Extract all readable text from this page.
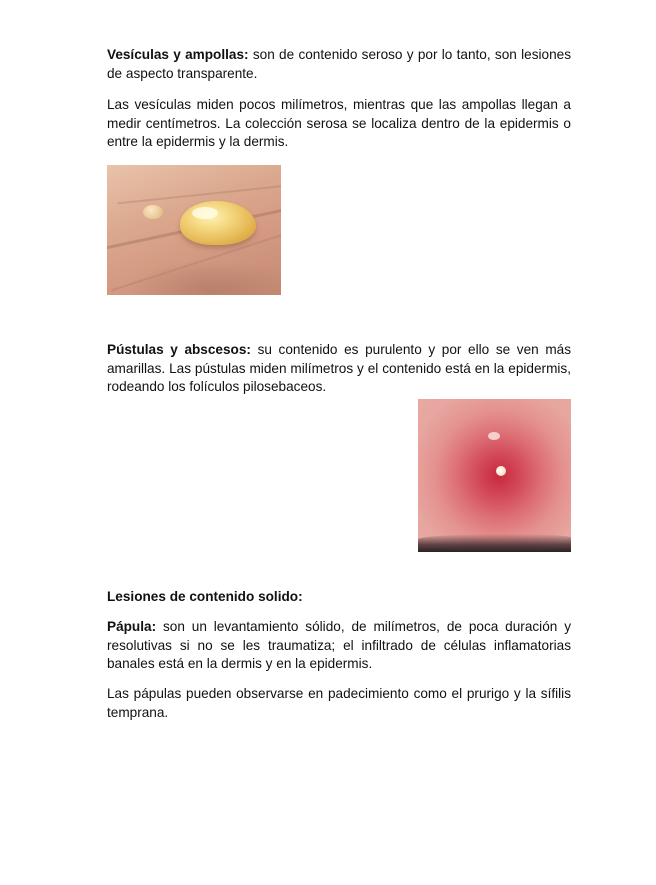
Vesículas y ampollas: son de contenido seroso y por lo tanto, son lesiones de aspecto transparente.

Las vesículas miden pocos milímetros, mientras que las ampollas llegan a medir centímetros. La colección serosa se localiza dentro de la epidermis o entre la epidermis y la dermis.

Pústulas y abscesos: su contenido es purulento y por ello se ven más amarillas. Las pústulas miden milímetros y el contenido está en la epidermis, rodeando los folículos pilosebaceos.

Lesiones de contenido solido:

Pápula: son un levantamiento sólido, de milímetros, de poca duración y resolutivas si no se les traumatiza; el infiltrado de células inflamatorias banales está en la dermis y en la epidermis.

Las pápulas pueden observarse en padecimiento como el prurigo y la sífilis temprana.
